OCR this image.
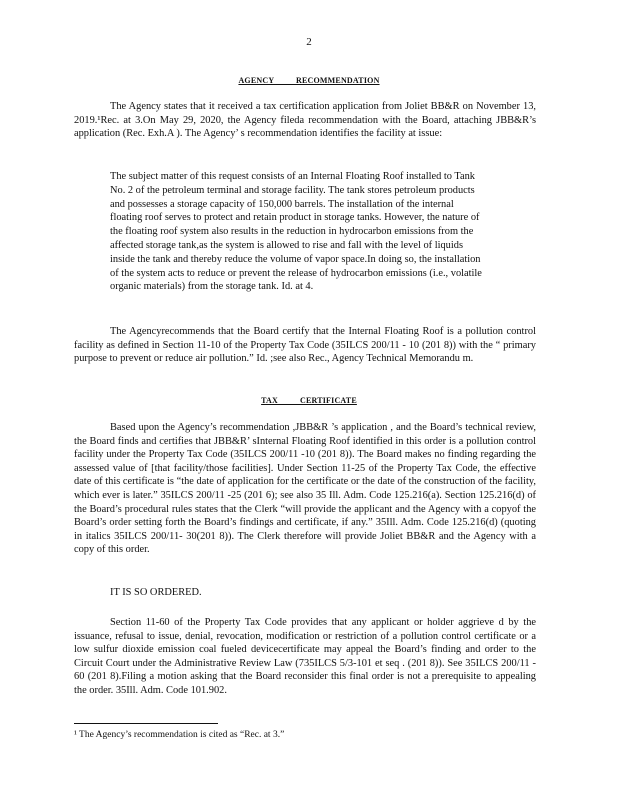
2
AGENCY          RECOMMENDATION
The Agency states that it received a tax certification application from Joliet BB&R on November 13, 2019.¹Rec. at 3.On May 29, 2020, the Agency fileda recommendation with the Board, attaching JBB&R’s application (Rec. Exh.A ). The Agency’ s recommendation identifies the facility at issue:
The subject matter of this request consists of an Internal Floating Roof installed to Tank No. 2 of the petroleum terminal and storage facility. The tank stores petroleum products and possesses a storage capacity of 150,000 barrels. The installation of the internal floating roof serves to protect and retain product in storage tanks. However, the nature of the floating roof system also results in the reduction in hydrocarbon emissions from the affected storage tank,as the system is allowed to rise and fall with the level of liquids inside the tank and thereby reduce the volume of vapor space.In doing so, the installation of the system acts to reduce or prevent the release of hydrocarbon emissions (i.e., volatile organic materials) from the storage tank. Id. at 4.
The Agencyrecommends that the Board certify that the Internal Floating Roof is a pollution control facility as defined in Section 11-10 of the Property Tax Code (35ILCS 200/11 - 10 (201 8)) with the “ primary purpose to prevent or reduce air pollution.” Id. ;see also Rec., Agency Technical Memorandu m.
TAX          CERTIFICATE
Based upon the Agency’s recommendation ,JBB&R ’s application , and the Board’s technical review, the Board finds and certifies that JBB&R’ sInternal Floating Roof identified in this order is a pollution control facility under the Property Tax Code (35ILCS 200/11 -10 (201 8)). The Board makes no finding regarding the assessed value of [that facility/those facilities]. Under Section 11-25 of the Property Tax Code, the effective date of this certificate is “the date of application for the certificate or the date of the construction of the facility, which ever is later.” 35ILCS 200/11 -25 (201 6); see also 35 Ill. Adm. Code 125.216(a). Section 125.216(d) of the Board’s procedural rules states that the Clerk “will provide the applicant and the Agency with a copyof the Board’s order setting forth the Board’s findings and certificate, if any.” 35Ill. Adm. Code 125.216(d) (quoting in italics 35ILCS 200/11- 30(201 8)). The Clerk therefore will provide Joliet BB&R and the Agency with a copy of this order.
IT IS SO ORDERED.
Section 11-60 of the Property Tax Code provides that any applicant or holder aggrieve d by the issuance, refusal to issue, denial, revocation, modification or restriction of a pollution control certificate or a low sulfur dioxide emission coal fueled devicecertificate may appeal the Board’s finding and order to the Circuit Court under the Administrative Review Law (735ILCS 5/3-101 et seq . (201 8)). See 35ILCS 200/11 - 60 (201 8).Filing a motion asking that the Board reconsider this final order is not a prerequisite to appealing the order. 35Ill. Adm. Code 101.902.
¹ The Agency’s recommendation is cited as “Rec. at 3.”
